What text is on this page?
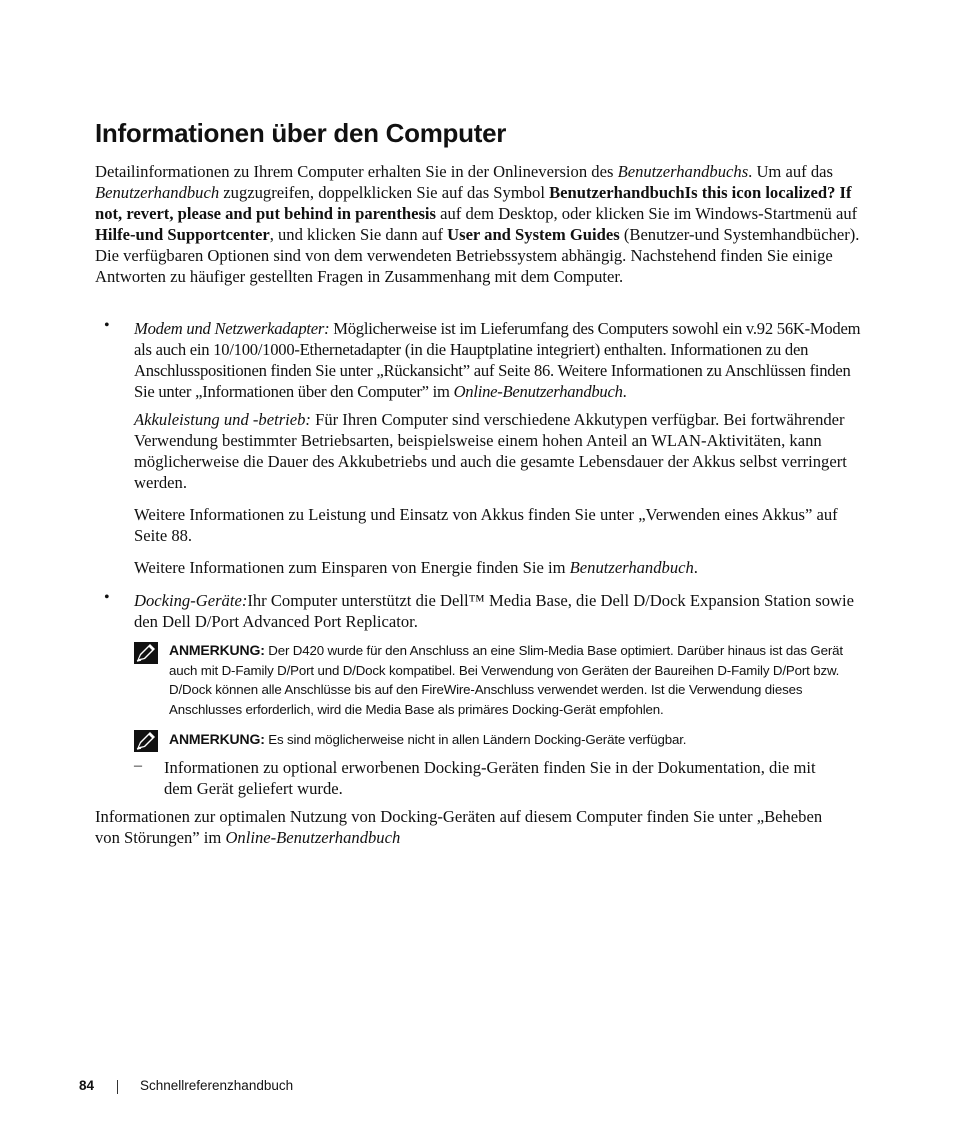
Informationen über den Computer

Detailinformationen zu Ihrem Computer erhalten Sie in der Onlineversion des Benutzerhandbuchs. Um auf das Benutzerhandbuch zugzugreifen, doppelklicken Sie auf das Symbol BenutzerhandbuchIs this icon localized? If not, revert, please and put behind in parenthesis auf dem Desktop, oder klicken Sie im Windows-Startmenü auf Hilfe-und Supportcenter, und klicken Sie dann auf User and System Guides (Benutzer-und Systemhandbücher). Die verfügbaren Optionen sind von dem verwendeten Betriebssystem abhängig. Nachstehend finden Sie einige Antworten zu häufiger gestellten Fragen in Zusammenhang mit dem Computer.

• Modem und Netzwerkadapter: Möglicherweise ist im Lieferumfang des Computers sowohl ein v.92 56K-Modem als auch ein 10/100/1000-Ethernetadapter (in die Hauptplatine integriert) enthalten. Informationen zu den Anschlusspositionen finden Sie unter „Rückansicht” auf Seite 86. Weitere Informationen zu Anschlüssen finden Sie unter „Informationen über den Computer” im Online-Benutzerhandbuch.

Akkuleistung und -betrieb: Für Ihren Computer sind verschiedene Akkutypen verfügbar. Bei fortwährender Verwendung bestimmter Betriebsarten, beispielsweise einem hohen Anteil an WLAN-Aktivitäten, kann möglicherweise die Dauer des Akkubetriebs und auch die gesamte Lebensdauer der Akkus selbst verringert werden.

Weitere Informationen zu Leistung und Einsatz von Akkus finden Sie unter „Verwenden eines Akkus” auf Seite 88.

Weitere Informationen zum Einsparen von Energie finden Sie im Benutzerhandbuch.

• Docking-Geräte:Ihr Computer unterstützt die Dell™ Media Base, die Dell D/Dock Expansion Station sowie den Dell D/Port Advanced Port Replicator.

ANMERKUNG: Der D420 wurde für den Anschluss an eine Slim-Media Base optimiert. Darüber hinaus ist das Gerät auch mit D-Family D/Port und D/Dock kompatibel. Bei Verwendung von Geräten der Baureihen D-Family D/Port bzw. D/Dock können alle Anschlüsse bis auf den FireWire-Anschluss verwendet werden. Ist die Verwendung dieses Anschlusses erforderlich, wird die Media Base als primäres Docking-Gerät empfohlen.

ANMERKUNG: Es sind möglicherweise nicht in allen Ländern Docking-Geräte verfügbar.

– Informationen zu optional erworbenen Docking-Geräten finden Sie in der Dokumentation, die mit dem Gerät geliefert wurde.

Informationen zur optimalen Nutzung von Docking-Geräten auf diesem Computer finden Sie unter „Beheben von Störungen” im Online-Benutzerhandbuch

84	Schnellreferenzhandbuch
